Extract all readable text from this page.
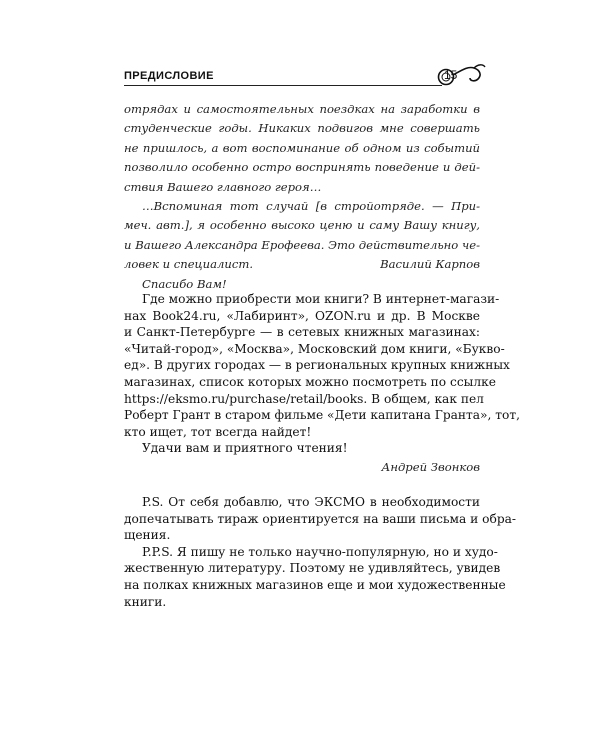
ПРЕДИСЛОВИЕ	15
отрядах и самостоятельных поездках на заработки в
студенческие годы. Никаких подвигов мне совершать
не пришлось, а вот воспоминание об одном из событий
позволило особенно остро воспринять поведение и дей-
ствия Вашего главного героя…
…Вспоминая тот случай [в стройотряде. — При-
меч. авт.], я особенно высоко ценю и саму Вашу книгу,
и Вашего Александра Ерофеева. Это действительно че-
ловек и специалист.
Спасибо Вам!
Василий Карпов
Где можно приобрести мои книги? В интернет-магази-
нах Book24.ru, «Лабиринт», OZON.ru и др. В Москве
и Санкт-Петербурге — в сетевых книжных магазинах:
«Читай-город», «Москва», Московский дом книги, «Букво-
ед». В других городах — в региональных крупных книжных
магазинах, список которых можно посмотреть по ссылке
https://eksmo.ru/purchase/retail/books. В общем, как пел
Роберт Грант в старом фильме «Дети капитана Гранта», тот,
кто ищет, тот всегда найдет!
Удачи вам и приятного чтения!
Андрей Звонков
P.S. От себя добавлю, что ЭКСМО в необходимости
допечатывать тираж ориентируется на ваши письма и обра-
щения.
P.P.S. Я пишу не только научно-популярную, но и худо-
жественную литературу. Поэтому не удивляйтесь, увидев
на полках книжных магазинов еще и мои художественные
книги.
